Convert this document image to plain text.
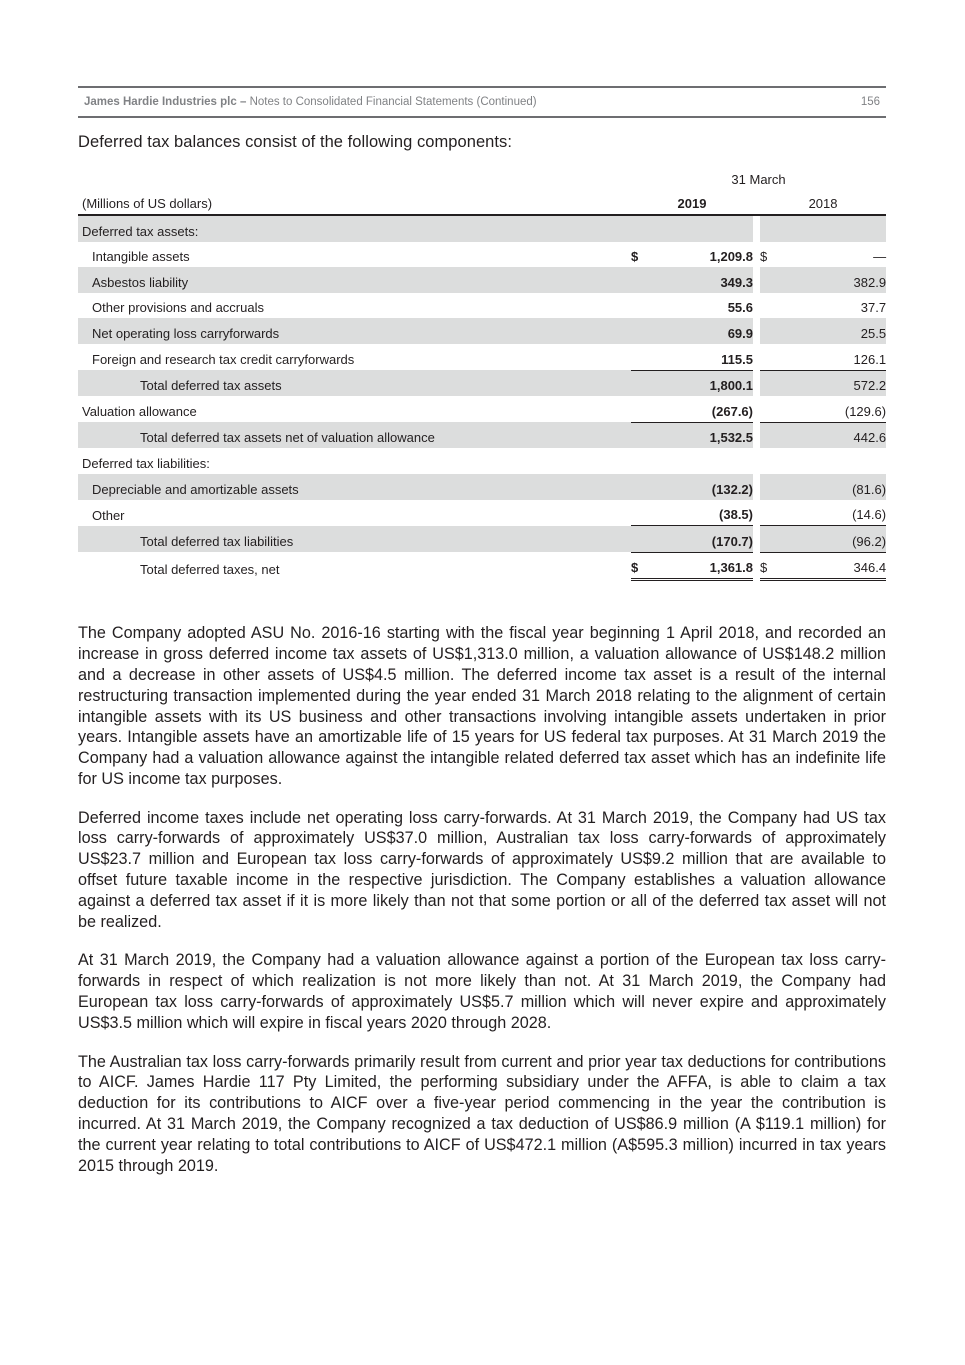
James Hardie Industries plc – Notes to Consolidated Financial Statements (Continued)	156
Deferred tax balances consist of the following components:
	31 March				
(Millions of US dollars)	2019			2018	
Deferred tax assets:					
Intangible assets	$	1,209.8		$	—
Asbestos liability		349.3			382.9
Other provisions and accruals		55.6			37.7
Net operating loss carryforwards		69.9			25.5
Foreign and research tax credit carryforwards		115.5			126.1
Total deferred tax assets		1,800.1			572.2
Valuation allowance		(267.6)			(129.6)
Total deferred tax assets net of valuation allowance		1,532.5			442.6
Deferred tax liabilities:					
Depreciable and amortizable assets		(132.2)			(81.6)
Other		(38.5)			(14.6)
Total deferred tax liabilities		(170.7)			(96.2)
Total deferred taxes, net	$	1,361.8		$	346.4

The Company adopted ASU No. 2016-16 starting with the fiscal year beginning 1 April 2018, and recorded an increase in gross deferred income tax assets of US$1,313.0 million, a valuation allowance of US$148.2 million and a decrease in other assets of US$4.5 million. The deferred income tax asset is a result of the internal restructuring transaction implemented during the year ended 31 March 2018 relating to the alignment of certain intangible assets with its US business and other transactions involving intangible assets undertaken in prior years. Intangible assets have an amortizable life of 15 years for US federal tax purposes. At 31 March 2019 the Company had a valuation allowance against the intangible related deferred tax asset which has an indefinite life for US income tax purposes.

Deferred income taxes include net operating loss carry-forwards. At 31 March 2019, the Company had US tax loss carry-forwards of approximately US$37.0 million, Australian tax loss carry-forwards of approximately US$23.7 million and European tax loss carry-forwards of approximately US$9.2 million that are available to offset future taxable income in the respective jurisdiction. The Company establishes a valuation allowance against a deferred tax asset if it is more likely than not that some portion or all of the deferred tax asset will not be realized.

At 31 March 2019, the Company had a valuation allowance against a portion of the European tax loss carry-forwards in respect of which realization is not more likely than not. At 31 March 2019, the Company had European tax loss carry-forwards of approximately US$5.7 million which will never expire and approximately US$3.5 million which will expire in fiscal years 2020 through 2028.

The Australian tax loss carry-forwards primarily result from current and prior year tax deductions for contributions to AICF. James Hardie 117 Pty Limited, the performing subsidiary under the AFFA, is able to claim a tax deduction for its contributions to AICF over a five-year period commencing in the year the contribution is incurred. At 31 March 2019, the Company recognized a tax deduction of US$86.9 million (A $119.1 million) for the current year relating to total contributions to AICF of US$472.1 million (A$595.3 million) incurred in tax years 2015 through 2019.
